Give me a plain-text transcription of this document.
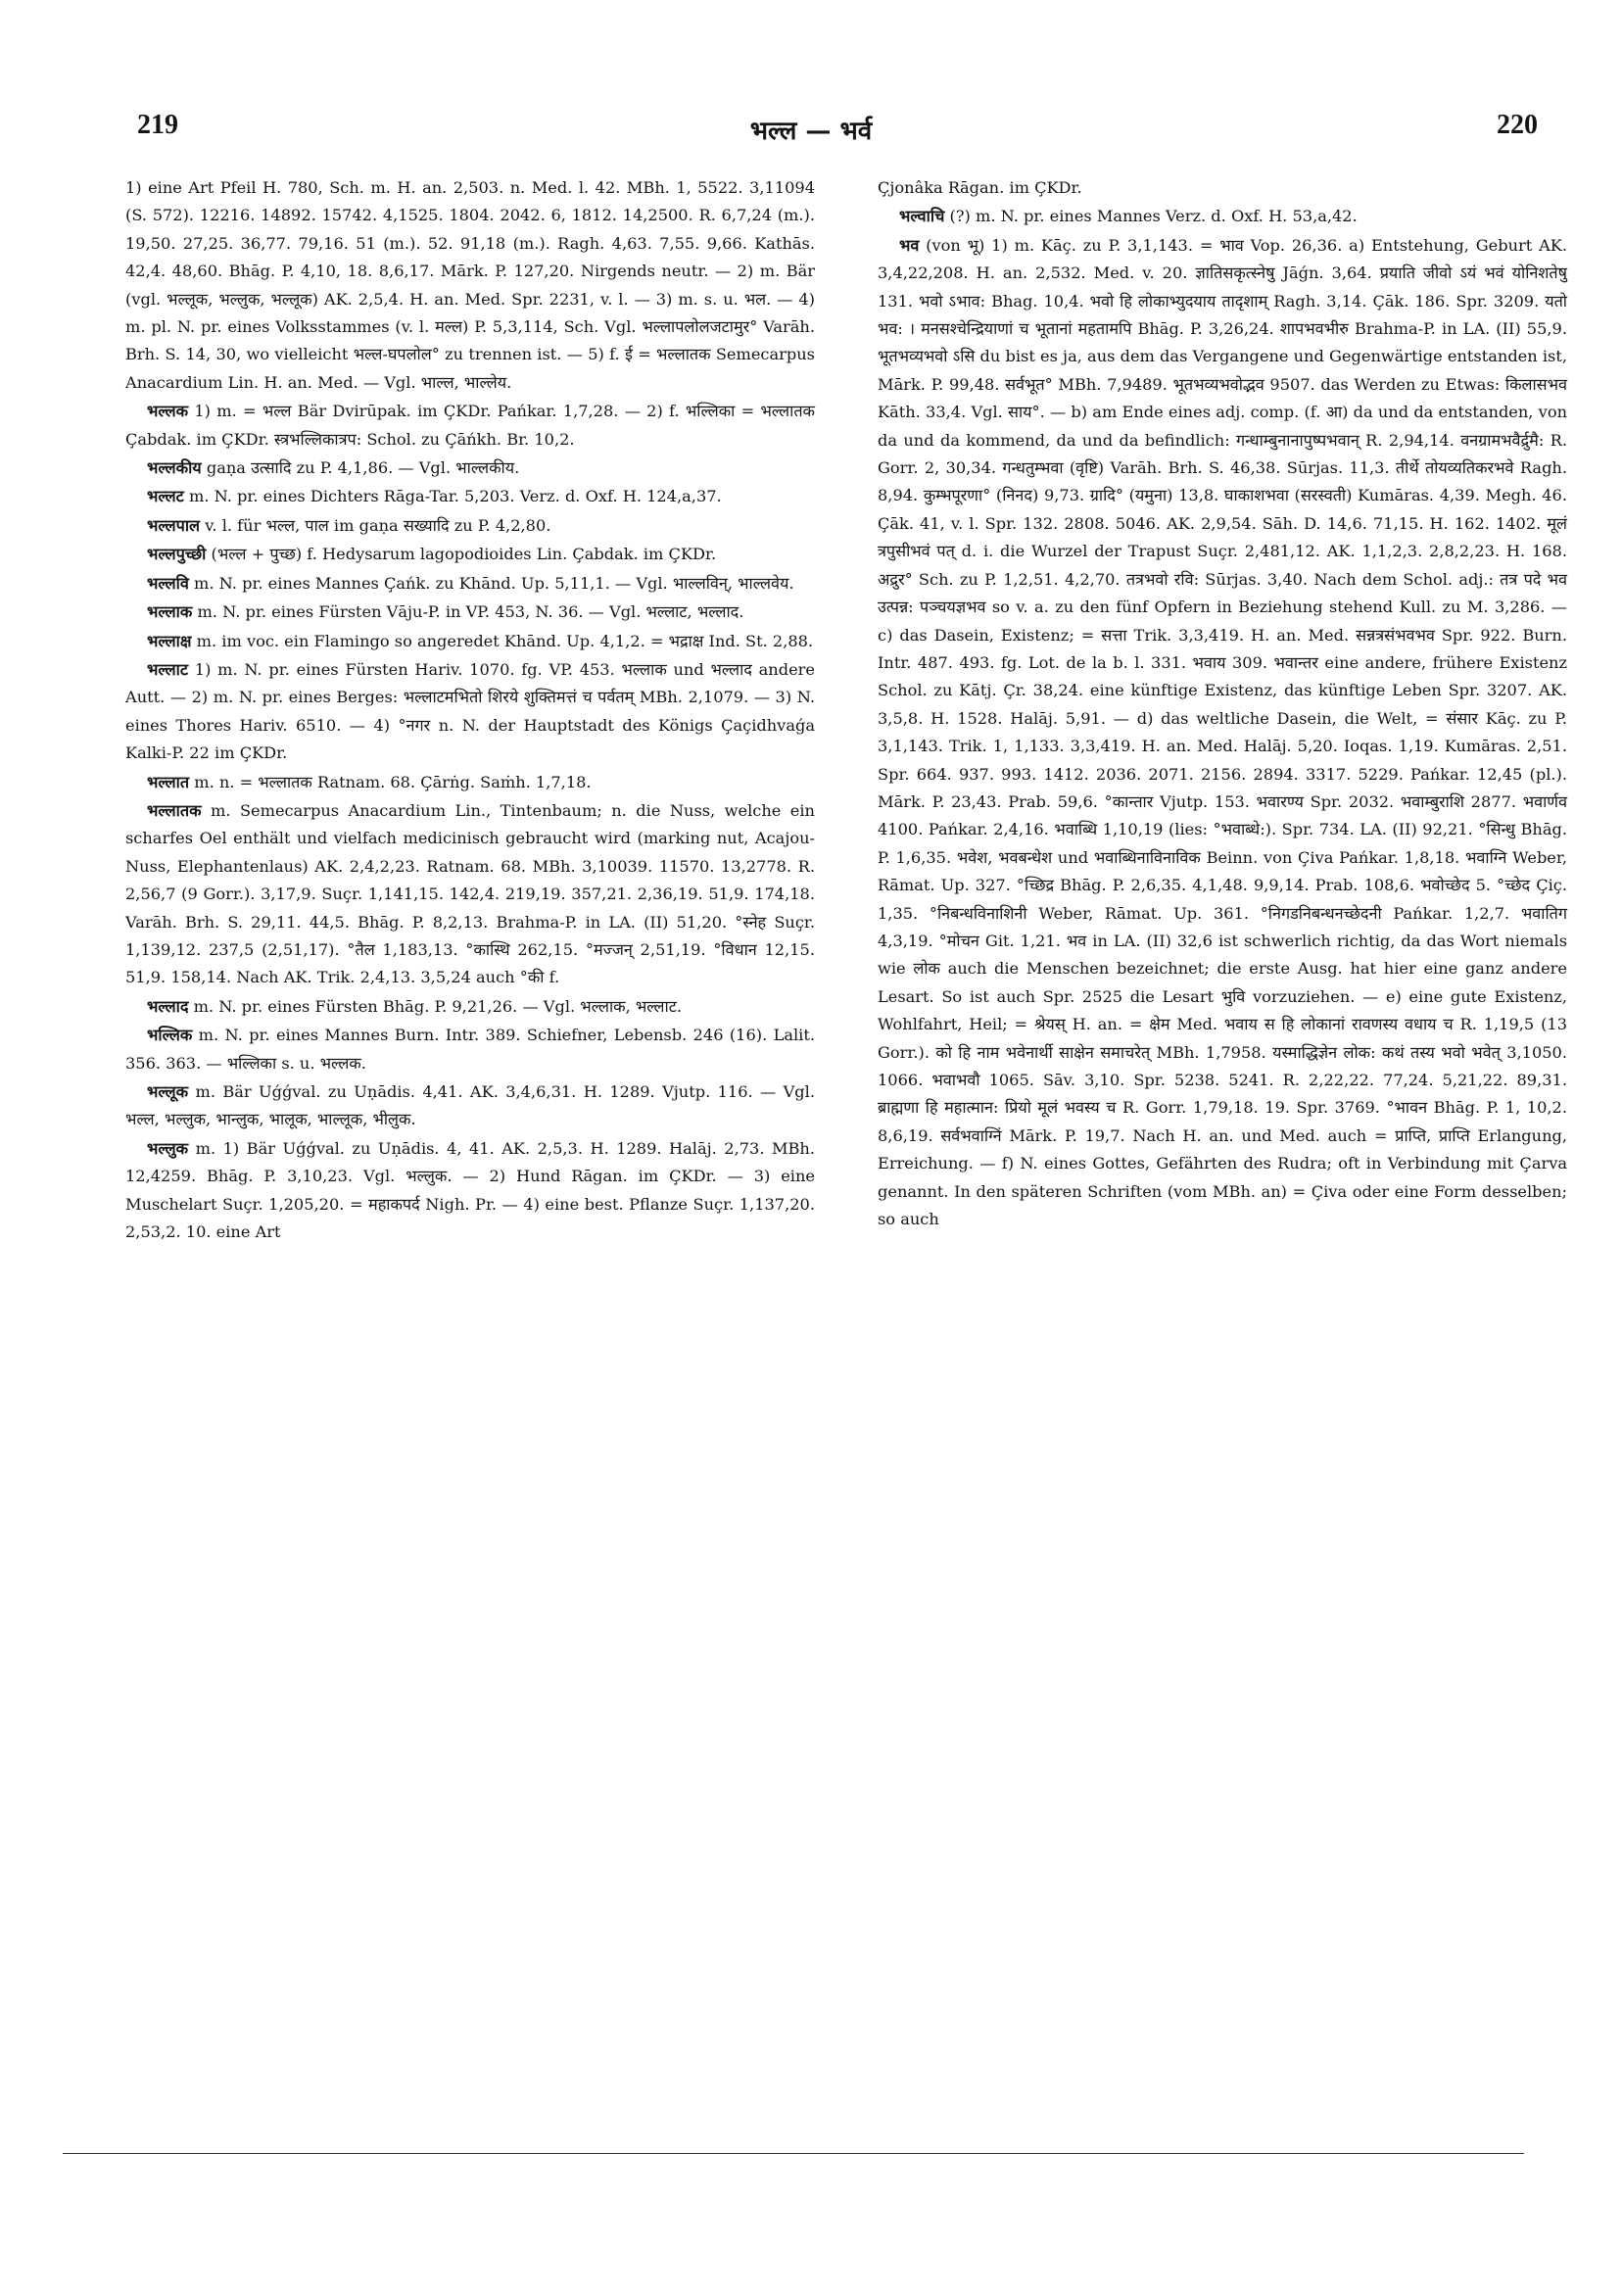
219	भल्ल — भर्व	220

1) eine Art Pfeil H. 780, Sch. m. H. an. 2,503. n. Med. l. 42. MBh. 1, 5522. 3,11094 (S. 572). 12216. 14892. 15742. 4,1525. 1804. 2042. 6, 1812. 14,2500. R. 6,7,24 (m.). 19,50. 27,25. 36,77. 79,16. 51 (m.). 52. 91,18 (m.). Ragh. 4,63. 7,55. 9,66. Kathās. 42,4. 48,60. Bhāg. P. 4,10, 18. 8,6,17. Mārk. P. 127,20. Nirgends neutr. — 2) m. Bär (vgl. भल्लूक, भल्लुक, भल्लूक) AK. 2,5,4. H. an. Med. Spr. 2231, v. l. — 3) m. s. u. भल. — 4) m. pl. N. pr. eines Volksstammes (v. l. मल्ल) P. 5,3,114, Sch. Vgl. भल्लापलोलजटामुर° Varāh. Brh. S. 14, 30, wo vielleicht भल्ल-घपलोल° zu trennen ist. — 5) f. ई = भल्लातक Semecarpus Anacardium Lin. H. an. Med. — Vgl. भाल्ल, भाल्लेय.

भल्लक 1) m. = भल्ल Bär Dvirūpak. im ÇKDr. Pańkar. 1,7,28. — 2) f. भल्लिका = भल्लातक Çabdak. im ÇKDr. स्त्रभल्लिकात्रप: Schol. zu Çāńkh. Br. 10,2.

भल्लकीय gaṇa उत्सादि zu P. 4,1,86. — Vgl. भाल्लकीय.

भल्लट m. N. pr. eines Dichters Rāga-Tar. 5,203. Verz. d. Oxf. H. 124,a,37.

भल्लपाल v. l. für भल्ल, पाल im gaṇa सख्यादि zu P. 4,2,80.

भल्लपुच्छी (भल्ल + पुच्छ) f. Hedysarum lagopodioides Lin. Çabdak. im ÇKDr.

भल्लवि m. N. pr. eines Mannes Çańk. zu Khānd. Up. 5,11,1. — Vgl. भाल्लविन्, भाल्लवेय.

भल्लाक m. N. pr. eines Fürsten Vāju-P. in VP. 453, N. 36. — Vgl. भल्लाट, भल्लाद.

भल्लाक्ष m. im voc. ein Flamingo so angeredet Khānd. Up. 4,1,2. = भद्राक्ष Ind. St. 2,88.

भल्लाट 1) m. N. pr. eines Fürsten Hariv. 1070. fg. VP. 453. भल्लाक und भल्लाद andere Autt. — 2) m. N. pr. eines Berges: भल्लाटमभितो शिरये शुक्तिमत्तं च पर्वतम् MBh. 2,1079. — 3) N. eines Thores Hariv. 6510. — 4) °नगर n. N. der Hauptstadt des Königs Çaçidhvaǵa Kalki-P. 22 im ÇKDr.

भल्लात m. n. = भल्लातक Ratnam. 68. Çārṅg. Saṁh. 1,7,18.

भल्लातक m. Semecarpus Anacardium Lin., Tintenbaum; n. die Nuss, welche ein scharfes Oel enthält und vielfach medicinisch gebraucht wird (marking nut, Acajou-Nuss, Elephantenlaus) AK. 2,4,2,23. Ratnam. 68. MBh. 3,10039. 11570. 13,2778. R. 2,56,7 (9 Gorr.). 3,17,9. Suçr. 1,141,15. 142,4. 219,19. 357,21. 2,36,19. 51,9. 174,18. Varāh. Brh. S. 29,11. 44,5. Bhāg. P. 8,2,13. Brahma-P. in LA. (II) 51,20. °स्नेह Suçr. 1,139,12. 237,5 (2,51,17). °तैल 1,183,13. °कास्थि 262,15. °मज्जन् 2,51,19. °विधान 12,15. 51,9. 158,14. Nach AK. Trik. 2,4,13. 3,5,24 auch °की f.

भल्लाद m. N. pr. eines Fürsten Bhāg. P. 9,21,26. — Vgl. भल्लाक, भल्लाट.

भल्लिक m. N. pr. eines Mannes Burn. Intr. 389. Schiefner, Lebensb. 246 (16). Lalit. 356. 363. — भल्लिका s. u. भल्लक.

भल्लूक m. Bär Uǵǵval. zu Uṇādis. 4,41. AK. 3,4,6,31. H. 1289. Vjutp. 116. — Vgl. भल्ल, भल्लुक, भान्लुक, भालूक, भाल्लूक, भीलुक.

भल्लुक m. 1) Bär Uǵǵval. zu Uṇādis. 4, 41. AK. 2,5,3. H. 1289. Halāj. 2,73. MBh. 12,4259. Bhāg. P. 3,10,23. Vgl. भल्लुक. — 2) Hund Rāgan. im ÇKDr. — 3) eine Muschelart Suçr. 1,205,20. = महाकपर्द Nigh. Pr. — 4) eine best. Pflanze Suçr. 1,137,20. 2,53,2. 10. eine Art

Çjonâka Rāgan. im ÇKDr.

भल्वाचि (?) m. N. pr. eines Mannes Verz. d. Oxf. H. 53,a,42.

भव (von भू) 1) m. Kāç. zu P. 3,1,143. = भाव Vop. 26,36. a) Entstehung, Geburt AK. 3,4,22,208. H. an. 2,532. Med. v. 20. ज्ञातिसकृत्स्नेषु Jāǵn. 3,64. प्रयाति जीवो ऽयं भवं योनिशतेषु 131. भवो ऽभाव: Bhag. 10,4. भवो हि लोकाभ्युदयाय तादृशाम् Ragh. 3,14. Çāk. 186. Spr. 3209. यतो भव: । मनसश्चेन्द्रियाणां च भूतानां महतामपि Bhāg. P. 3,26,24. शापभवभीरु Brahma-P. in LA. (II) 55,9. भूतभव्यभवो ऽसि du bist es ja, aus dem das Vergangene und Gegenwärtige entstanden ist, Mārk. P. 99,48. सर्वभूत° MBh. 7,9489. भूतभव्यभवोद्भव 9507. das Werden zu Etwas: किलासभव Kāth. 33,4. Vgl. साय°. — b) am Ende eines adj. comp. (f. आ) da und da entstanden, von da und da kommend, da und da befindlich: गन्धाम्बुनानापुष्पभवान् R. 2,94,14. वनग्रामभवैर्द्रुमै: R. Gorr. 2, 30,34. गन्धतुम्भवा (वृष्टि) Varāh. Brh. S. 46,38. Sūrjas. 11,3. तीर्थे तोयव्यतिकरभवे Ragh. 8,94. कुम्भपूरणा° (निनद) 9,73. ग्रादि° (यमुना) 13,8. घाकाशभवा (सरस्वती) Kumāras. 4,39. Megh. 46. Çāk. 41, v. l. Spr. 132. 2808. 5046. AK. 2,9,54. Sāh. D. 14,6. 71,15. H. 162. 1402. मूलं त्रपुसीभवं पत् d. i. die Wurzel der Trapust Suçr. 2,481,12. AK. 1,1,2,3. 2,8,2,23. H. 168. अद्रुर° Sch. zu P. 1,2,51. 4,2,70. तत्रभवो रवि: Sūrjas. 3,40. Nach dem Schol. adj.: तत्र पदे भव उत्पन्न: पञ्चयज्ञभव so v. a. zu den fünf Opfern in Beziehung stehend Kull. zu M. 3,286. — c) das Dasein, Existenz; = सत्ता Trik. 3,3,419. H. an. Med. सन्नत्रसंभवभव Spr. 922. Burn. Intr. 487. 493. fg. Lot. de la b. l. 331. भवाय 309. भवान्तर eine andere, frühere Existenz Schol. zu Kātj. Çr. 38,24. eine künftige Existenz, das künftige Leben Spr. 3207. AK. 3,5,8. H. 1528. Halāj. 5,91. — d) das weltliche Dasein, die Welt, = संसार Kāç. zu P. 3,1,143. Trik. 1, 1,133. 3,3,419. H. an. Med. Halāj. 5,20. Ioqas. 1,19. Kumāras. 2,51. Spr. 664. 937. 993. 1412. 2036. 2071. 2156. 2894. 3317. 5229. Pańkar. 12,45 (pl.). Mārk. P. 23,43. Prab. 59,6. °कान्तार Vjutp. 153. भवारण्य Spr. 2032. भवाम्बुराशि 2877. भवार्णव 4100. Pańkar. 2,4,16. भवाब्धि 1,10,19 (lies: °भवाब्धे:). Spr. 734. LA. (II) 92,21. °सिन्धु Bhāg. P. 1,6,35. भवेश, भवबन्धेश und भवाब्धिनाविनाविक Beinn. von Çiva Pańkar. 1,8,18. भवाग्नि Weber, Rāmat. Up. 327. °च्छिद्र Bhāg. P. 2,6,35. 4,1,48. 9,9,14. Prab. 108,6. भवोच्छेद 5. °च्छेद Çiç. 1,35. °निबन्धविनाशिनी Weber, Rāmat. Up. 361. °निगडनिबन्धनच्छेदनी Pańkar. 1,2,7. भवातिग 4,3,19. °मोचन Git. 1,21. भव in LA. (II) 32,6 ist schwerlich richtig, da das Wort niemals wie लोक auch die Menschen bezeichnet; die erste Ausg. hat hier eine ganz andere Lesart. So ist auch Spr. 2525 die Lesart भुवि vorzuziehen. — e) eine gute Existenz, Wohlfahrt, Heil; = श्रेयस् H. an. = क्षेम Med. भवाय स हि लोकानां रावणस्य वधाय च R. 1,19,5 (13 Gorr.). को हि नाम भवेनार्थी साक्षेन समाचरेत् MBh. 1,7958. यस्माद्धिज्ञेन लोक: कथं तस्य भवो भवेत् 3,1050. 1066. भवाभवौ 1065. Sāv. 3,10. Spr. 5238. 5241. R. 2,22,22. 77,24. 5,21,22. 89,31. ब्राह्मणा हि महात्मान: प्रियो मूलं भवस्य च R. Gorr. 1,79,18. 19. Spr. 3769. °भावन Bhāg. P. 1, 10,2. 8,6,19. सर्वभवाग्निं Mārk. P. 19,7. Nach H. an. und Med. auch = प्राप्ति, प्राप्ति Erlangung, Erreichung. — f) N. eines Gottes, Gefährten des Rudra; oft in Verbindung mit Çarva genannt. In den späteren Schriften (vom MBh. an) = Çiva oder eine Form desselben; so auch
